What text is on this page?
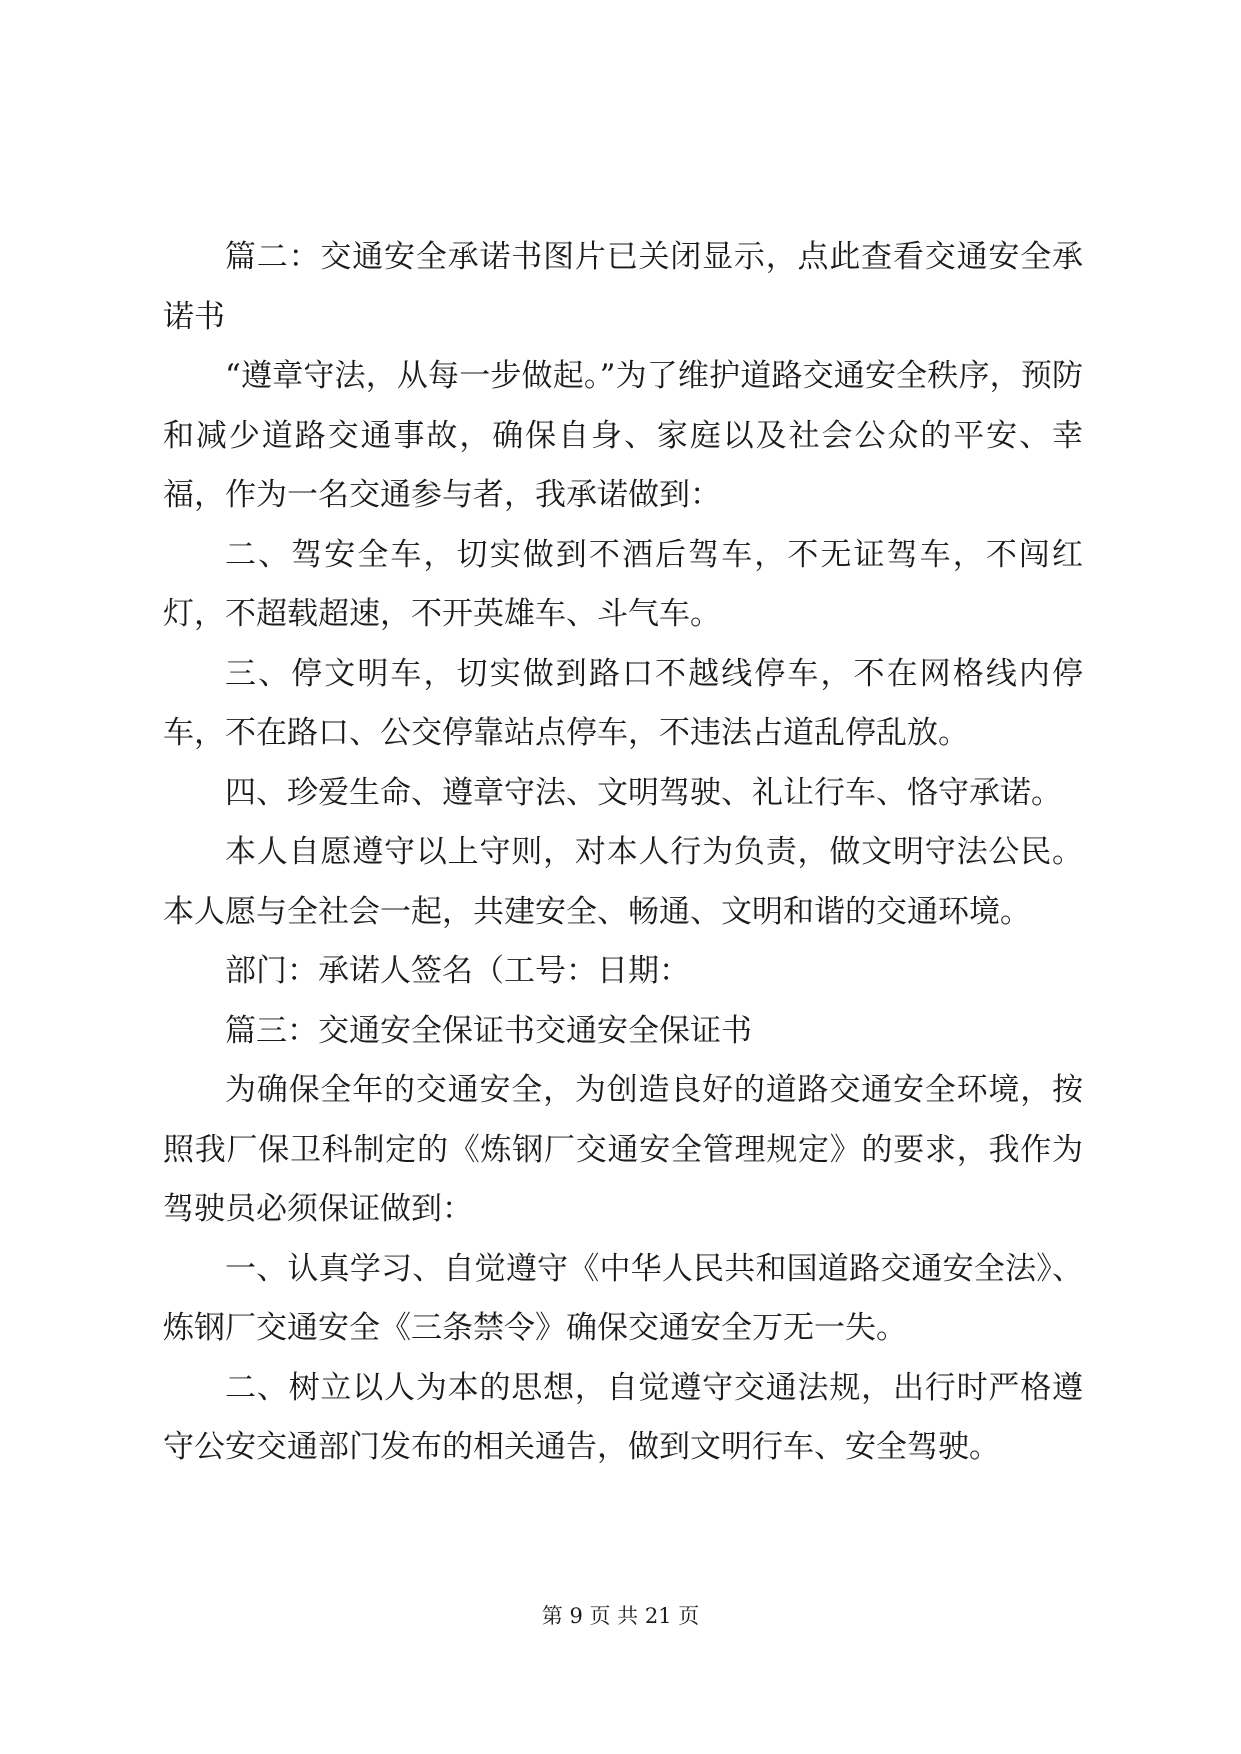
篇二：交通安全承诺书图片已关闭显示，点此查看交通安全承诺书

“遵章守法，从每一步做起。”为了维护道路交通安全秩序，预防和减少道路交通事故，确保自身、家庭以及社会公众的平安、幸福，作为一名交通参与者，我承诺做到：

二、驾安全车，切实做到不酒后驾车，不无证驾车，不闯红灯，不超载超速，不开英雄车、斗气车。

三、停文明车，切实做到路口不越线停车，不在网格线内停车，不在路口、公交停靠站点停车，不违法占道乱停乱放。

四、珍爱生命、遵章守法、文明驾驶、礼让行车、恪守承诺。

本人自愿遵守以上守则，对本人行为负责，做文明守法公民。本人愿与全社会一起，共建安全、畅通、文明和谐的交通环境。

部门：承诺人签名（工号：日期：

篇三：交通安全保证书交通安全保证书

为确保全年的交通安全，为创造良好的道路交通安全环境，按照我厂保卫科制定的《炼钢厂交通安全管理规定》的要求，我作为驾驶员必须保证做到：

一、认真学习、自觉遵守《中华人民共和国道路交通安全法》、炼钢厂交通安全《三条禁令》确保交通安全万无一失。

二、树立以人为本的思想，自觉遵守交通法规，出行时严格遵守公安交通部门发布的相关通告，做到文明行车、安全驾驶。

第 9 页 共 21 页
